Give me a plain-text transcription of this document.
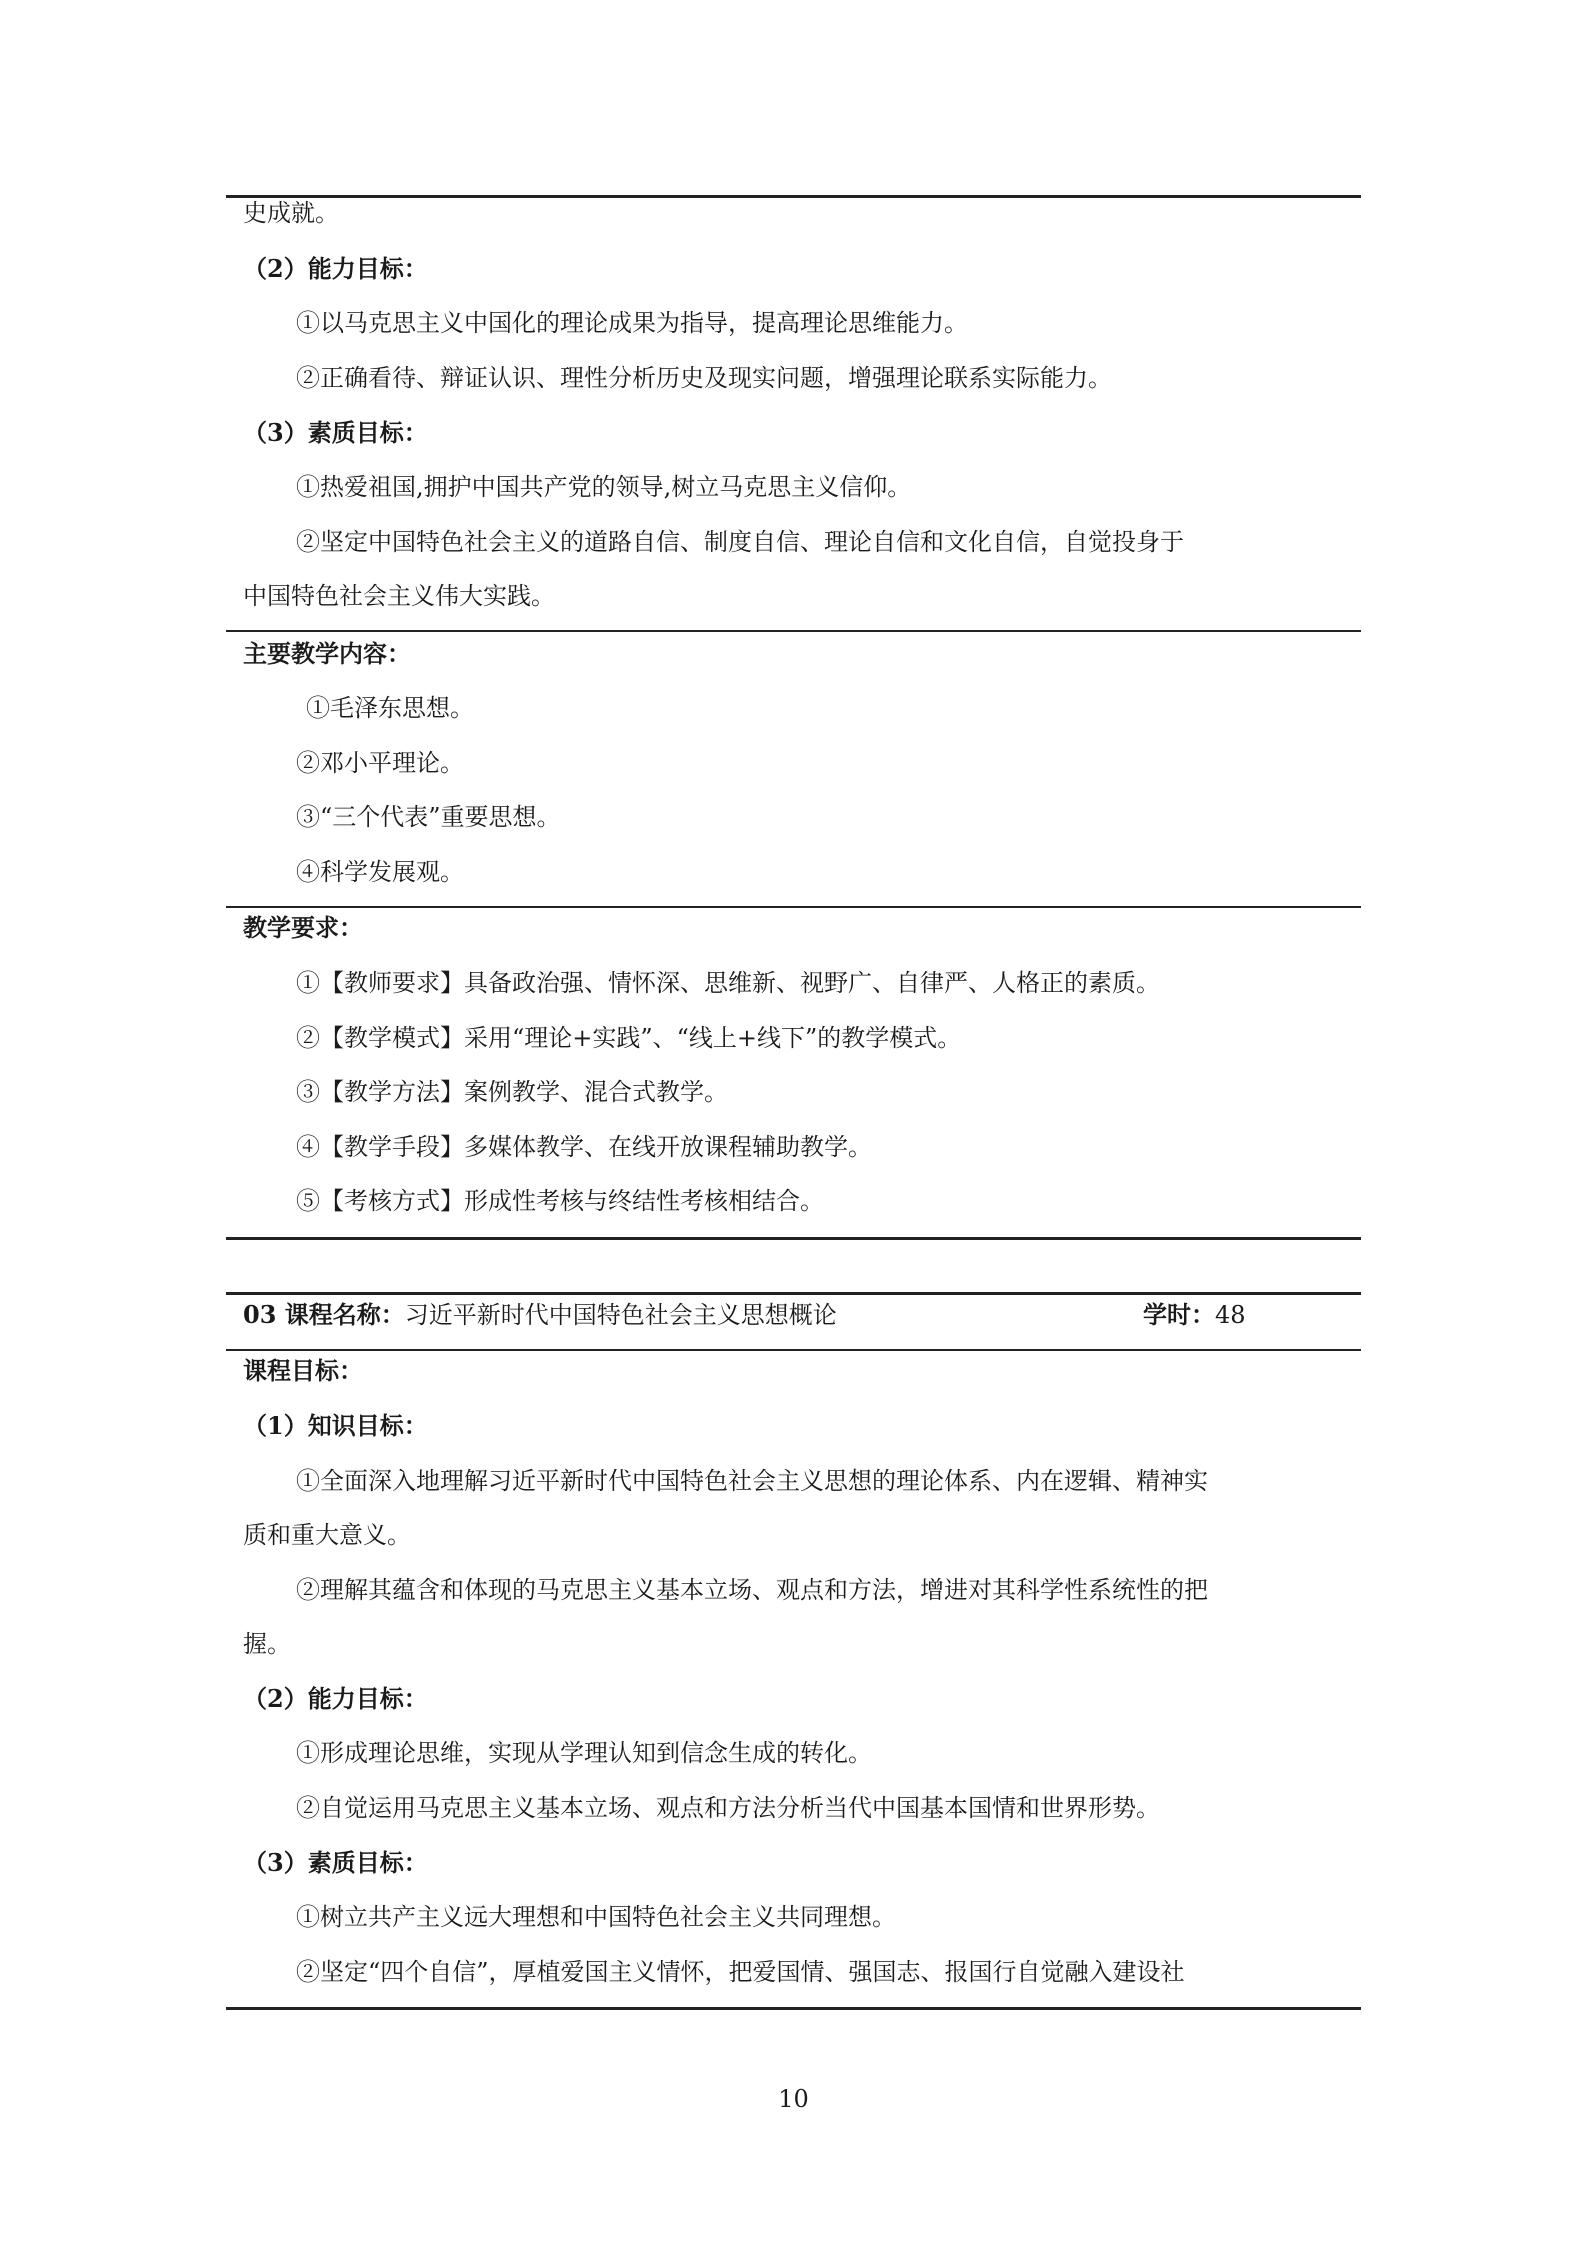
史成就。
（2）能力目标：
①以马克思主义中国化的理论成果为指导，提高理论思维能力。
②正确看待、辩证认识、理性分析历史及现实问题，增强理论联系实际能力。
（3）素质目标：
①热爱祖国,拥护中国共产党的领导,树立马克思主义信仰。
②坚定中国特色社会主义的道路自信、制度自信、理论自信和文化自信，自觉投身于
中国特色社会主义伟大实践。
主要教学内容：
①毛泽东思想。
②邓小平理论。
③“三个代表”重要思想。
④科学发展观。
教学要求：
①【教师要求】具备政治强、情怀深、思维新、视野广、自律严、人格正的素质。
②【教学模式】采用“理论+实践”、“线上+线下”的教学模式。
③【教学方法】案例教学、混合式教学。
④【教学手段】多媒体教学、在线开放课程辅助教学。
⑤【考核方式】形成性考核与终结性考核相结合。
03 课程名称：习近平新时代中国特色社会主义思想概论	学时：48
课程目标：
（1）知识目标：
①全面深入地理解习近平新时代中国特色社会主义思想的理论体系、内在逻辑、精神实
质和重大意义。
②理解其蕴含和体现的马克思主义基本立场、观点和方法，增进对其科学性系统性的把
握。
（2）能力目标：
①形成理论思维，实现从学理认知到信念生成的转化。
②自觉运用马克思主义基本立场、观点和方法分析当代中国基本国情和世界形势。
（3）素质目标：
①树立共产主义远大理想和中国特色社会主义共同理想。
②坚定“四个自信”，厚植爱国主义情怀，把爱国情、强国志、报国行自觉融入建设社
10
